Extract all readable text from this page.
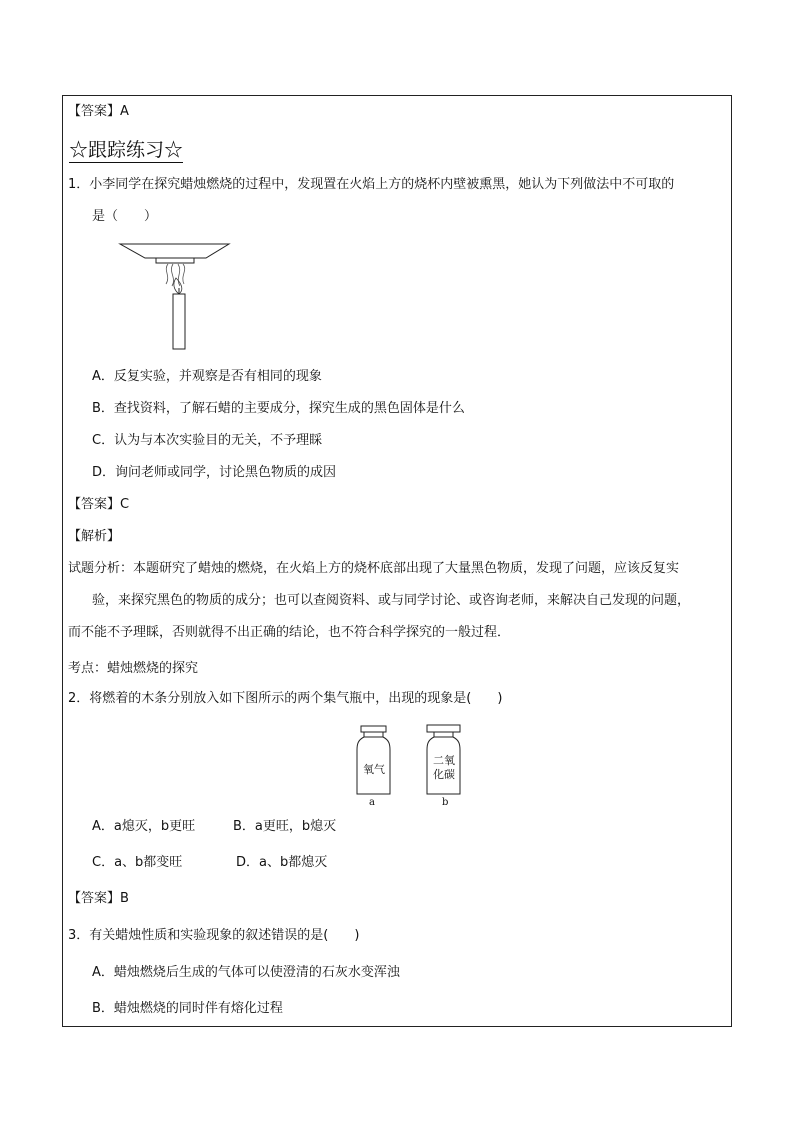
【答案】A
☆跟踪练习☆
1．小李同学在探究蜡烛燃烧的过程中，发现置在火焰上方的烧杯内壁被熏黑，她认为下列做法中不可取的
是（　　）
A．反复实验，并观察是否有相同的现象
B．查找资料，了解石蜡的主要成分，探究生成的黑色固体是什么
C．认为与本次实验目的无关，不予理睬
D．询问老师或同学，讨论黑色物质的成因
【答案】C
【解析】
试题分析：本题研究了蜡烛的燃烧，在火焰上方的烧杯底部出现了大量黑色物质，发现了问题，应该反复实
验，来探究黑色的物质的成分；也可以查阅资料、或与同学讨论、或咨询老师，来解决自己发现的问题，
而不能不予理睬，否则就得不出正确的结论，也不符合科学探究的一般过程．
考点：蜡烛燃烧的探究
2．将燃着的木条分别放入如下图所示的两个集气瓶中，出现的现象是(　　)
氧气
二氧
化碳
a	b
A．a熄灭，b更旺	B．a更旺，b熄灭
C．a、b都变旺	D．a、b都熄灭
【答案】B
3．有关蜡烛性质和实验现象的叙述错误的是(　　)
A．蜡烛燃烧后生成的气体可以使澄清的石灰水变浑浊
B．蜡烛燃烧的同时伴有熔化过程
